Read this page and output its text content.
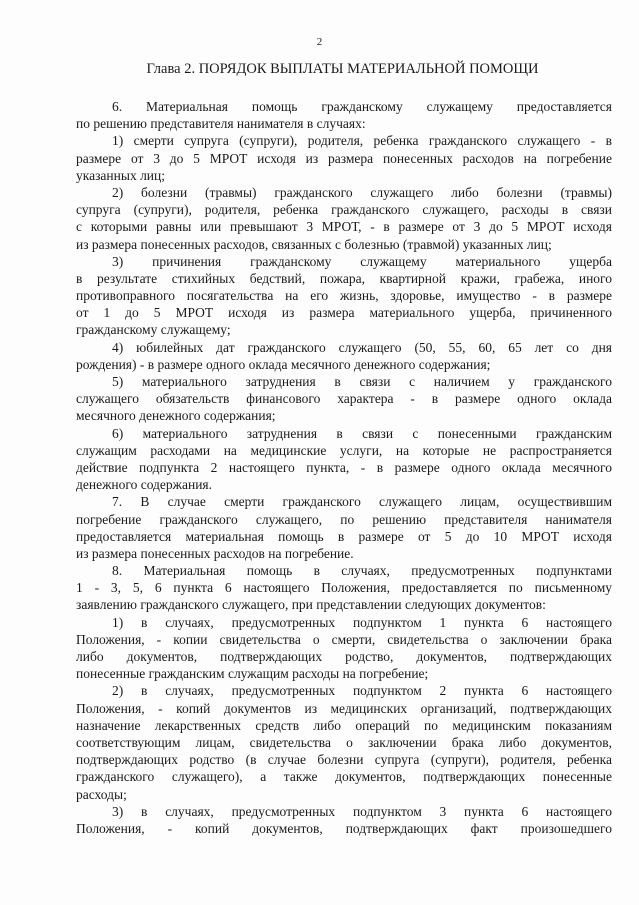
2
Глава 2. ПОРЯДОК ВЫПЛАТЫ МАТЕРИАЛЬНОЙ ПОМОЩИ
6. Материальная помощь гражданскому служащему предоставляется
по решению представителя нанимателя в случаях:
1) смерти супруга (супруги), родителя, ребенка гражданского служащего - в
размере от 3 до 5 МРОТ исходя из размера понесенных расходов на погребение
указанных лиц;
2) болезни (травмы) гражданского служащего либо болезни (травмы)
супруга (супруги), родителя, ребенка гражданского служащего, расходы в связи
с которыми равны или превышают 3 МРОТ, - в размере от 3 до 5 МРОТ исходя
из размера понесенных расходов, связанных с болезнью (травмой) указанных лиц;
3) причинения гражданскому служащему материального ущерба
в результате стихийных бедствий, пожара, квартирной кражи, грабежа, иного
противоправного посягательства на его жизнь, здоровье, имущество - в размере
от 1 до 5 МРОТ исходя из размера материального ущерба, причиненного
гражданскому служащему;
4) юбилейных дат гражданского служащего (50, 55, 60, 65 лет со дня
рождения) - в размере одного оклада месячного денежного содержания;
5) материального затруднения в связи с наличием у гражданского
служащего обязательств финансового характера - в размере одного оклада
месячного денежного содержания;
6) материального затруднения в связи с понесенными гражданским
служащим расходами на медицинские услуги, на которые не распространяется
действие подпункта 2 настоящего пункта, - в размере одного оклада месячного
денежного содержания.
7. В случае смерти гражданского служащего лицам, осуществившим
погребение гражданского служащего, по решению представителя нанимателя
предоставляется материальная помощь в размере от 5 до 10 МРОТ исходя
из размера понесенных расходов на погребение.
8. Материальная помощь в случаях, предусмотренных подпунктами
1 - 3, 5, 6 пункта 6 настоящего Положения, предоставляется по письменному
заявлению гражданского служащего, при представлении следующих документов:
1) в случаях, предусмотренных подпунктом 1 пункта 6 настоящего
Положения, - копии свидетельства о смерти, свидетельства о заключении брака
либо документов, подтверждающих родство, документов, подтверждающих
понесенные гражданским служащим расходы на погребение;
2) в случаях, предусмотренных подпунктом 2 пункта 6 настоящего
Положения, - копий документов из медицинских организаций, подтверждающих
назначение лекарственных средств либо операций по медицинским показаниям
соответствующим лицам, свидетельства о заключении брака либо документов,
подтверждающих родство (в случае болезни супруга (супруги), родителя, ребенка
гражданского служащего), а также документов, подтверждающих понесенные
расходы;
3) в случаях, предусмотренных подпунктом 3 пункта 6 настоящего
Положения, - копий документов, подтверждающих факт произошедшего
